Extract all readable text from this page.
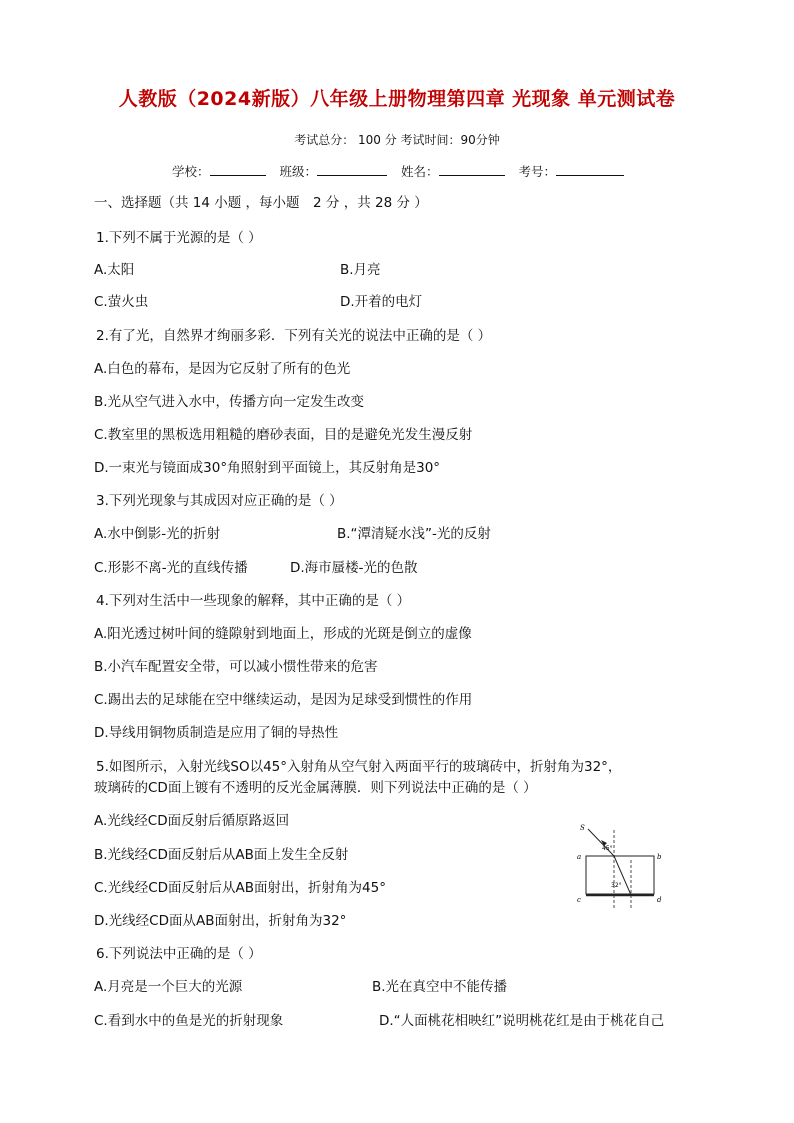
人教版（2024新版）八年级上册物理第四章 光现象 单元测试卷
考试总分： 100 分 考试时间：90分钟
学校：	班级：	姓名：	考号：
一、选择题（共 14 小题 ，每小题　2 分 ，共 28 分 ）
1.下列不属于光源的是（ ）
A.太阳	B.月亮
C.萤火虫	D.开着的电灯
2.有了光，自然界才绚丽多彩．下列有关光的说法中正确的是（ ）
A.白色的幕布，是因为它反射了所有的色光
B.光从空气进入水中，传播方向一定发生改变
C.教室里的黑板选用粗糙的磨砂表面，目的是避免光发生漫反射
D.一束光与镜面成30°角照射到平面镜上，其反射角是30°
3.下列光现象与其成因对应正确的是（ ）
A.水中倒影-光的折射	B.“潭清疑水浅”-光的反射
C.形影不离-光的直线传播	D.海市蜃楼-光的色散
4.下列对生活中一些现象的解释，其中正确的是（ ）
A.阳光透过树叶间的缝隙射到地面上，形成的光斑是倒立的虚像
B.小汽车配置安全带，可以减小惯性带来的危害
C.踢出去的足球能在空中继续运动，是因为足球受到惯性的作用
D.导线用铜物质制造是应用了铜的导热性
5.如图所示，入射光线SO以45°入射角从空气射入两面平行的玻璃砖中，折射角为32°，
玻璃砖的CD面上镀有不透明的反光金属薄膜．则下列说法中正确的是（ ）
A.光线经CD面反射后循原路返回
B.光线经CD面反射后从AB面上发生全反射
C.光线经CD面反射后从AB面射出，折射角为45°
D.光线经CD面从AB面射出，折射角为32°
S
45°
a	b
32°
c	d
6.下列说法中正确的是（ ）
A.月亮是一个巨大的光源	B.光在真空中不能传播
C.看到水中的鱼是光的折射现象	D.“人面桃花相映红”说明桃花红是由于桃花自己
